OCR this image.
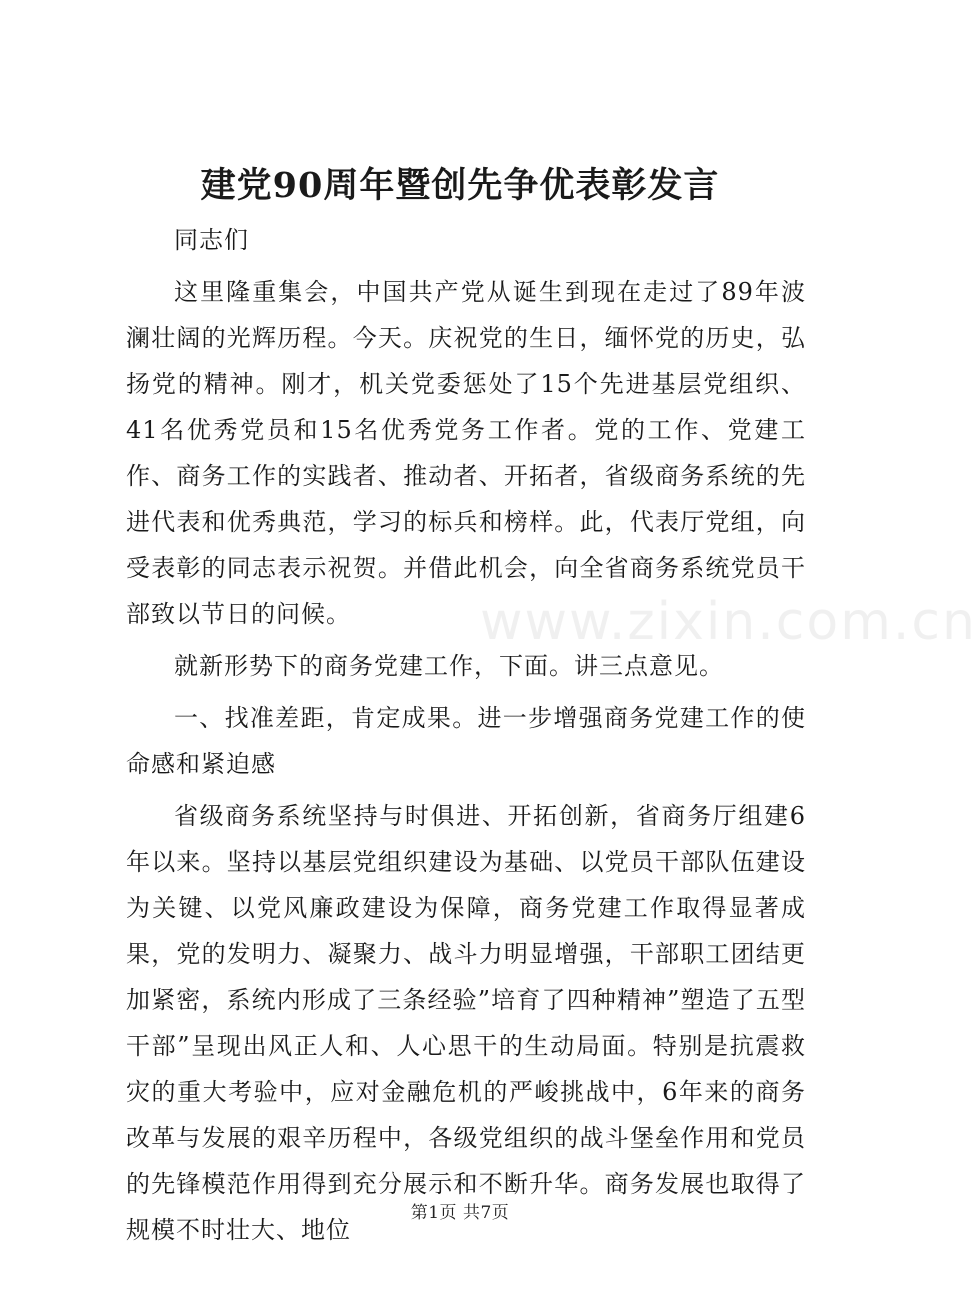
建党90周年暨创先争优表彰发言

同志们

这里隆重集会，中国共产党从诞生到现在走过了89年波澜壮阔的光辉历程。今天。庆祝党的生日，缅怀党的历史，弘扬党的精神。刚才，机关党委惩处了15个先进基层党组织、41名优秀党员和15名优秀党务工作者。党的工作、党建工作、商务工作的实践者、推动者、开拓者，省级商务系统的先进代表和优秀典范，学习的标兵和榜样。此，代表厅党组，向受表彰的同志表示祝贺。并借此机会，向全省商务系统党员干部致以节日的问候。

就新形势下的商务党建工作，下面。讲三点意见。

一、找准差距，肯定成果。进一步增强商务党建工作的使命感和紧迫感

省级商务系统坚持与时俱进、开拓创新，省商务厅组建6年以来。坚持以基层党组织建设为基础、以党员干部队伍建设为关键、以党风廉政建设为保障，商务党建工作取得显著成果，党的发明力、凝聚力、战斗力明显增强，干部职工团结更加紧密，系统内形成了三条经验”培育了四种精神”塑造了五型干部”呈现出风正人和、人心思干的生动局面。特别是抗震救灾的重大考验中，应对金融危机的严峻挑战中，6年来的商务改革与发展的艰辛历程中，各级党组织的战斗堡垒作用和党员的先锋模范作用得到充分展示和不断升华。商务发展也取得了规模不时壮大、地位

www.zixin.com.cn
第1页 共7页
